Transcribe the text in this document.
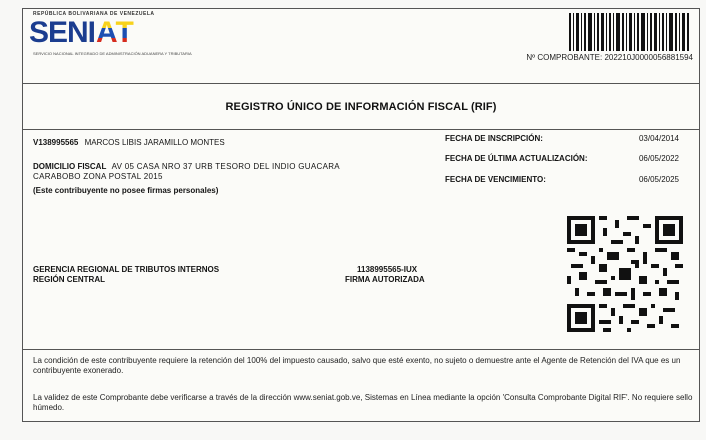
REPÚBLICA BOLIVARIANA DE VENEZUELA
SENI AT
SERVICIO NACIONAL INTEGRADO DE ADMINISTRACIÓN ADUANERA Y TRIBUTARIA	Nº COMPROBANTE: 202210J0000056881594
REGISTRO ÚNICO DE INFORMACIÓN FISCAL (RIF)
V138995565 MARCOS LIBIS JARAMILLO MONTES
DOMICILIO FISCAL AV 05 CASA NRO 37 URB TESORO DEL INDIO GUACARA
CARABOBO ZONA POSTAL 2015
(Este contribuyente no posee firmas personales)
FECHA DE INSCRIPCIÓN:	03/04/2014
FECHA DE ÚLTIMA ACTUALIZACIÓN:	06/05/2022
FECHA DE VENCIMIENTO:	06/05/2025
GERENCIA REGIONAL DE TRIBUTOS INTERNOS
REGIÓN CENTRAL
1138995565-IUX
FIRMA AUTORIZADA
La condición de este contribuyente requiere la retención del 100% del impuesto causado, salvo que esté exento, no sujeto o demuestre ante el Agente de Retención del IVA que es un contribuyente exonerado.
La validez de este Comprobante debe verificarse a través de la dirección www.seniat.gob.ve, Sistemas en Línea mediante la opción 'Consulta Comprobante Digital RIF'. No requiere sello húmedo.
